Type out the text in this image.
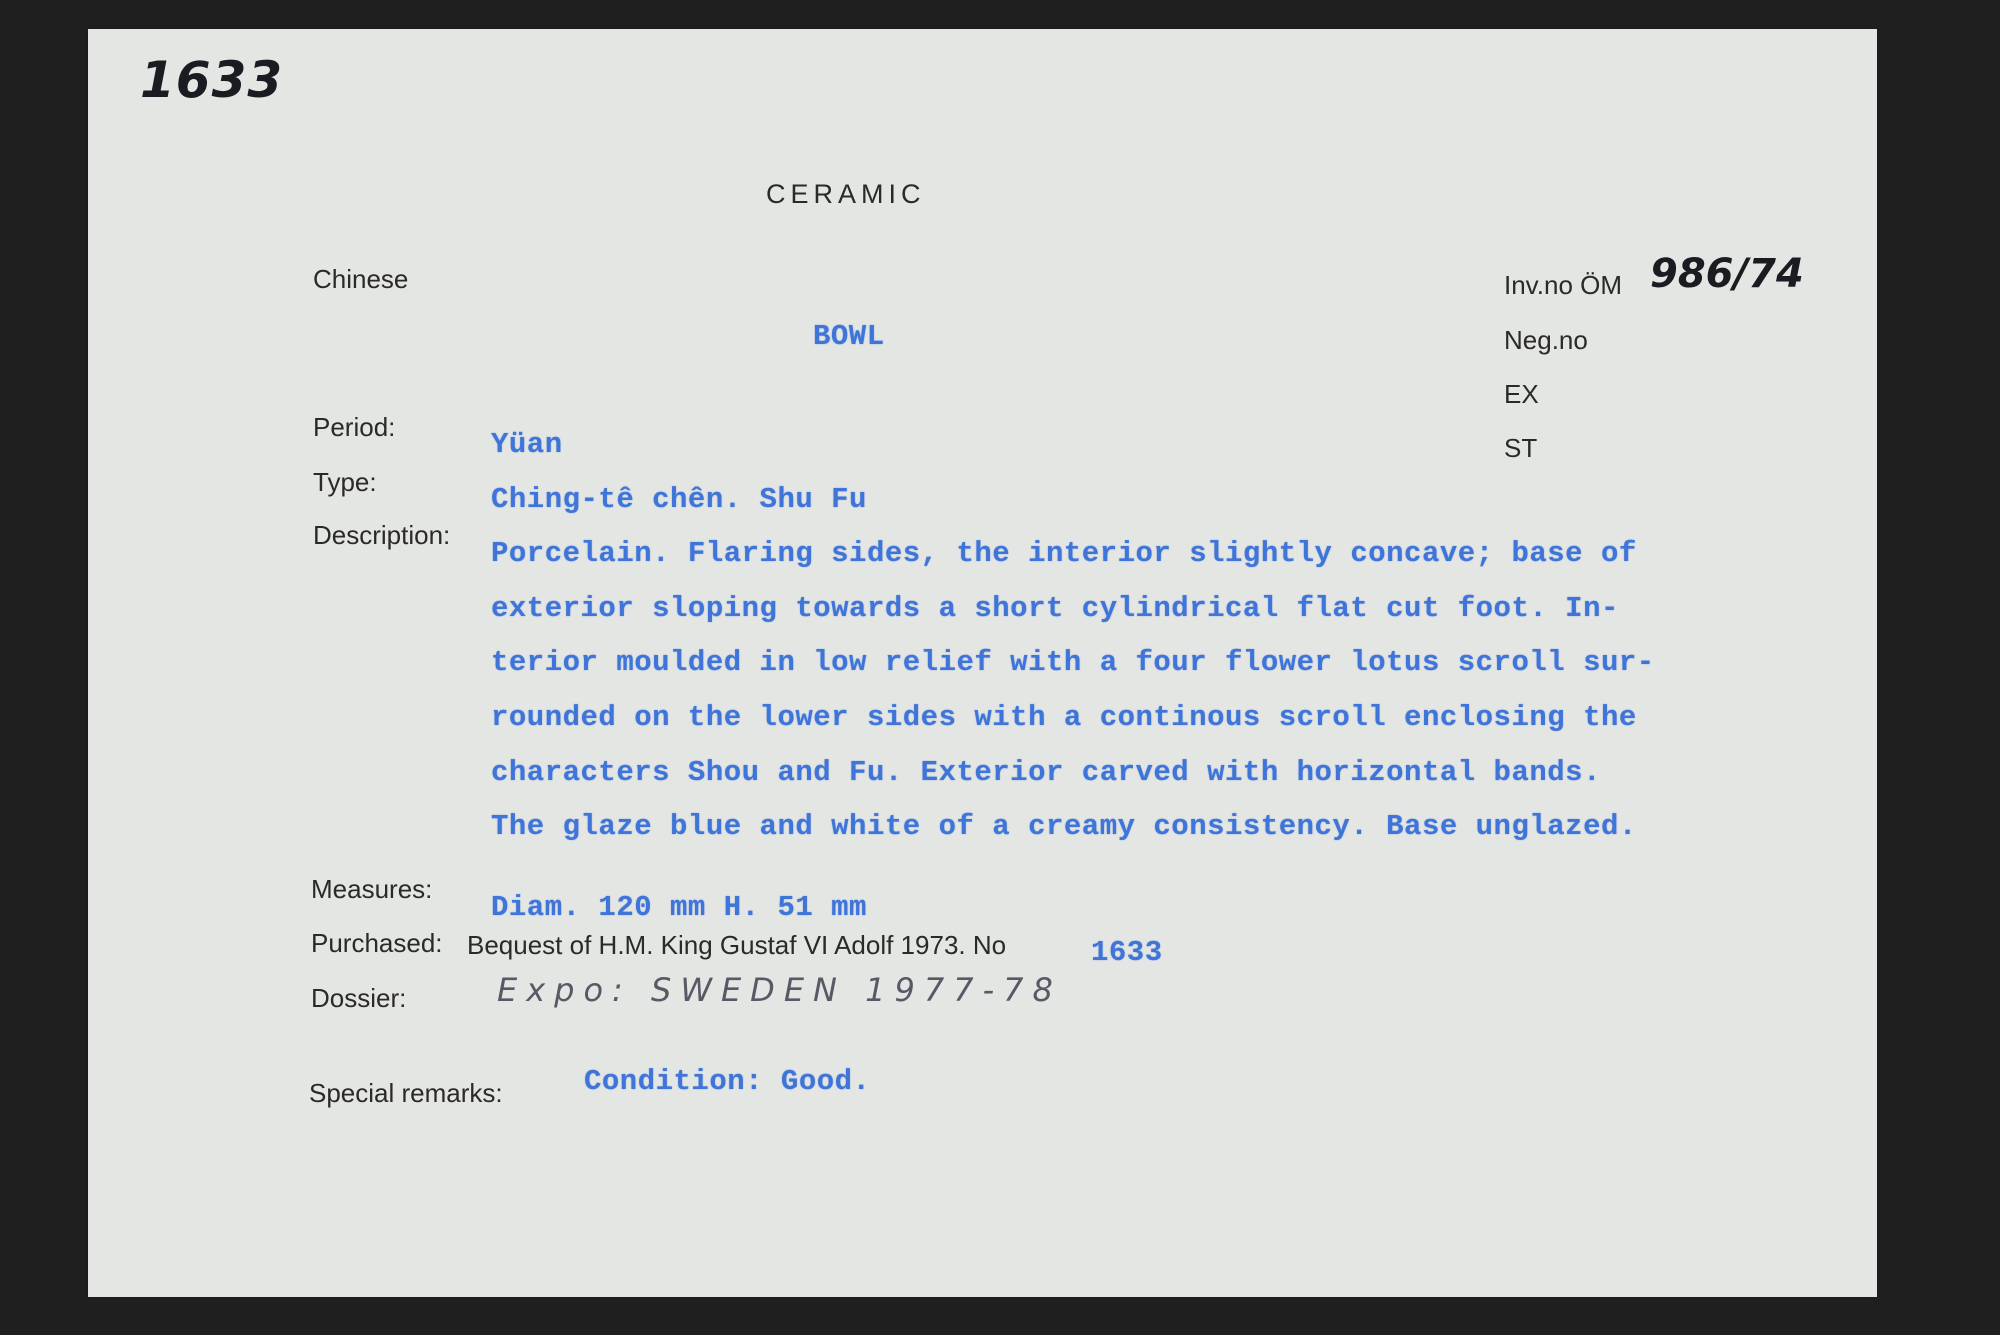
1633
CERAMIC
Chinese
BOWL
Inv.no ÖM 986/74
Neg.no
EX
ST
Period:
Yüan
Type:
Ching-tê chên. Shu Fu
Description:
Porcelain. Flaring sides, the interior slightly concave; base of
exterior sloping towards a short cylindrical flat cut foot. In-
terior moulded in low relief with a four flower lotus scroll sur-
rounded on the lower sides with a continous scroll enclosing the
characters Shou and Fu. Exterior carved with horizontal bands.
The glaze blue and white of a creamy consistency. Base unglazed.
Measures:
Diam. 120 mm H. 51 mm
Purchased: Bequest of H.M. King Gustaf VI Adolf 1973. No	1633
Dossier:	Expo: SWEDEN 1977-78
Special remarks:	Condition: Good.
